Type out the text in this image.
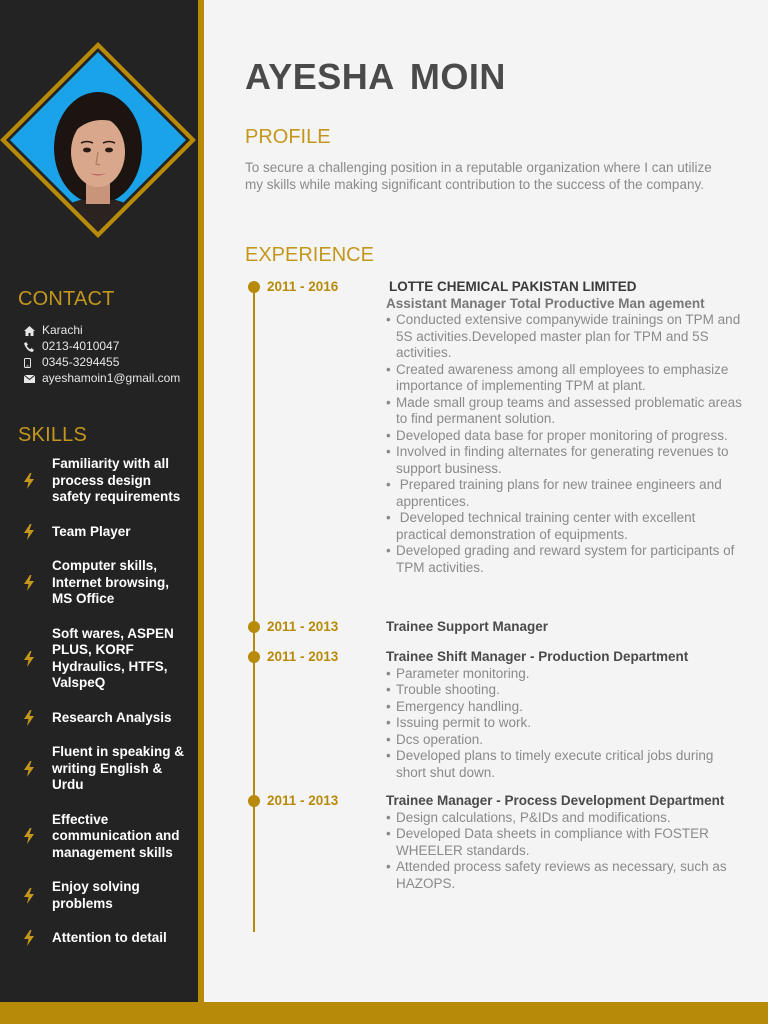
CONTACT
Karachi
0213-4010047
0345-3294455
ayeshamoin1@gmail.com
SKILLS
Familiarity with all process design safety requirements
Team Player
Computer skills, Internet browsing, MS Office
Soft wares, ASPEN PLUS, KORF Hydraulics, HTFS, ValspeQ
Research Analysis
Fluent in speaking & writing English & Urdu
Effective communication and management skills
Enjoy solving problems
Attention to detail
AYESHA MOIN
PROFILE
To secure a challenging position in a reputable organization where I can utilize my skills while making significant contribution to the success of the company.
EXPERIENCE
2011 - 2016	LOTTE CHEMICAL PAKISTAN LIMITED
Assistant Manager Total Productive Man agement
• Conducted extensive companywide trainings on TPM and 5S activities.Developed master plan for TPM and 5S activities.
• Created awareness among all employees to emphasize importance of implementing TPM at plant.
• Made small group teams and assessed problematic areas to find permanent solution.
• Developed data base for proper monitoring of progress.
• Involved in finding alternates for generating revenues to support business.
• Prepared training plans for new trainee engineers and apprentices.
• Developed technical training center with excellent practical demonstration of equipments.
• Developed grading and reward system for participants of TPM activities.
2011 - 2013	Trainee Support Manager
2011 - 2013	Trainee Shift Manager - Production Department
• Parameter monitoring.
• Trouble shooting.
• Emergency handling.
• Issuing permit to work.
• Dcs operation.
• Developed plans to timely execute critical jobs during short shut down.
2011 - 2013	Trainee Manager - Process Development Department
• Design calculations, P&IDs and modifications.
• Developed Data sheets in compliance with FOSTER WHEELER standards.
• Attended process safety reviews as necessary, such as HAZOPS.
